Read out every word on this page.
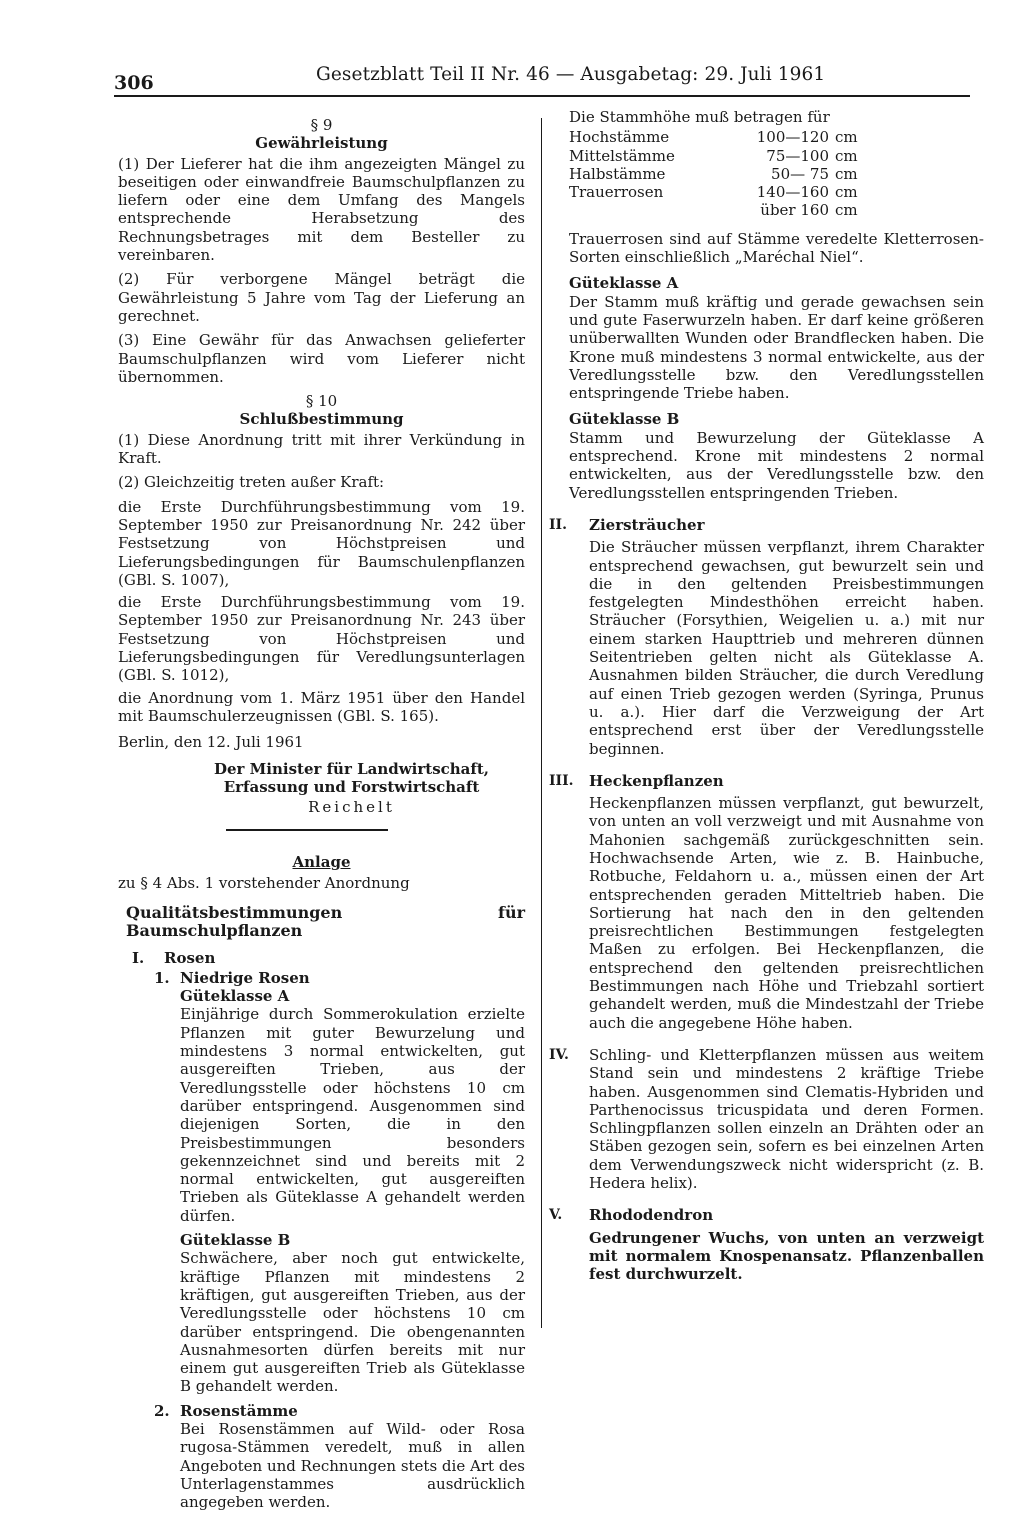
306	Gesetzblatt Teil II Nr. 46 — Ausgabetag: 29. Juli 1961

§ 9

Gewährleistung

(1) Der Lieferer hat die ihm angezeigten Mängel zu beseitigen oder einwandfreie Baumschulpflanzen zu liefern oder eine dem Umfang des Mangels entsprechende Herabsetzung des Rechnungsbetrages mit dem Besteller zu vereinbaren.

(2) Für verborgene Mängel beträgt die Gewährleistung 5 Jahre vom Tag der Lieferung an gerechnet.

(3) Eine Gewähr für das Anwachsen gelieferter Baumschulpflanzen wird vom Lieferer nicht übernommen.

§ 10

Schlußbestimmung

(1) Diese Anordnung tritt mit ihrer Verkündung in Kraft.

(2) Gleichzeitig treten außer Kraft:

die Erste Durchführungsbestimmung vom 19. September 1950 zur Preisanordnung Nr. 242 über Festsetzung von Höchstpreisen und Lieferungsbedingungen für Baumschulenpflanzen (GBl. S. 1007),

die Erste Durchführungsbestimmung vom 19. September 1950 zur Preisanordnung Nr. 243 über Festsetzung von Höchstpreisen und Lieferungsbedingungen für Veredlungsunterlagen (GBl. S. 1012),

die Anordnung vom 1. März 1951 über den Handel mit Baumschulerzeugnissen (GBl. S. 165).

Berlin, den 12. Juli 1961

Der Minister für Landwirtschaft,

Erfassung und Forstwirtschaft

Reichelt

Anlage

zu § 4 Abs. 1 vorstehender Anordnung

Qualitätsbestimmungen für Baumschulpflanzen

I.	Rosen
1. Niedrige Rosen

Güteklasse A

Einjährige durch Sommerokulation erzielte Pflanzen mit guter Bewurzelung und mindestens 3 normal entwickelten, gut ausgereiften Trieben, aus der Veredlungsstelle oder höchstens 10 cm darüber entspringend. Ausgenommen sind diejenigen Sorten, die in den Preisbestimmungen besonders gekennzeichnet sind und bereits mit 2 normal entwickelten, gut ausgereiften Trieben als Güteklasse A gehandelt werden dürfen.

Güteklasse B

Schwächere, aber noch gut entwickelte, kräftige Pflanzen mit mindestens 2 kräftigen, gut ausgereiften Trieben, aus der Veredlungsstelle oder höchstens 10 cm darüber entspringend. Die obengenannten Ausnahmesorten dürfen bereits mit nur einem gut ausgereiften Trieb als Güteklasse B gehandelt werden.

2. Rosenstämme

Bei Rosenstämmen auf Wild- oder Rosa rugosa-Stämmen veredelt, muß in allen Angeboten und Rechnungen stets die Art des Unterlagenstammes ausdrücklich angegeben werden.

Die Stammhöhe muß betragen für

Hochstämme	100—120	cm
Mittelstämme	75—100	cm
Halbstämme	50— 75	cm
Trauerrosen	140—160	cm
	über 160	cm

Trauerrosen sind auf Stämme veredelte Kletterrosen-Sorten einschließlich „Maréchal Niel“.

Güteklasse A

Der Stamm muß kräftig und gerade gewachsen sein und gute Faserwurzeln haben. Er darf keine größeren unüberwallten Wunden oder Brandflecken haben. Die Krone muß mindestens 3 normal entwickelte, aus der Veredlungsstelle bzw. den Veredlungsstellen entspringende Triebe haben.

Güteklasse B

Stamm und Bewurzelung der Güteklasse A entsprechend. Krone mit mindestens 2 normal entwickelten, aus der Veredlungsstelle bzw. den Veredlungsstellen entspringenden Trieben.

II.	Ziersträucher

Die Sträucher müssen verpflanzt, ihrem Charakter entsprechend gewachsen, gut bewurzelt sein und die in den geltenden Preisbestimmungen festgelegten Mindesthöhen erreicht haben. Sträucher (Forsythien, Weigelien u. a.) mit nur einem starken Haupttrieb und mehreren dünnen Seitentrieben gelten nicht als Güteklasse A. Ausnahmen bilden Sträucher, die durch Veredlung auf einen Trieb gezogen werden (Syringa, Prunus u. a.). Hier darf die Verzweigung der Art entsprechend erst über der Veredlungsstelle beginnen.

III.	Heckenpflanzen

Heckenpflanzen müssen verpflanzt, gut bewurzelt, von unten an voll verzweigt und mit Ausnahme von Mahonien sachgemäß zurückgeschnitten sein. Hochwachsende Arten, wie z. B. Hainbuche, Rotbuche, Feldahorn u. a., müssen einen der Art entsprechenden geraden Mitteltrieb haben. Die Sortierung hat nach den in den geltenden preisrechtlichen Bestimmungen festgelegten Maßen zu erfolgen. Bei Heckenpflanzen, die entsprechend den geltenden preisrechtlichen Bestimmungen nach Höhe und Triebzahl sortiert gehandelt werden, muß die Mindestzahl der Triebe auch die angegebene Höhe haben.

IV.	Schling- und Kletterpflanzen müssen aus weitem Stand sein und mindestens 2 kräftige Triebe haben. Ausgenommen sind Clematis-Hybriden und Parthenocissus tricuspidata und deren Formen. Schlingpflanzen sollen einzeln an Drähten oder an Stäben gezogen sein, sofern es bei einzelnen Arten dem Verwendungszweck nicht widerspricht (z. B. Hedera helix).
V.	Rhododendron

Gedrungener Wuchs, von unten an verzweigt mit normalem Knospenansatz. Pflanzenballen fest durchwurzelt.
